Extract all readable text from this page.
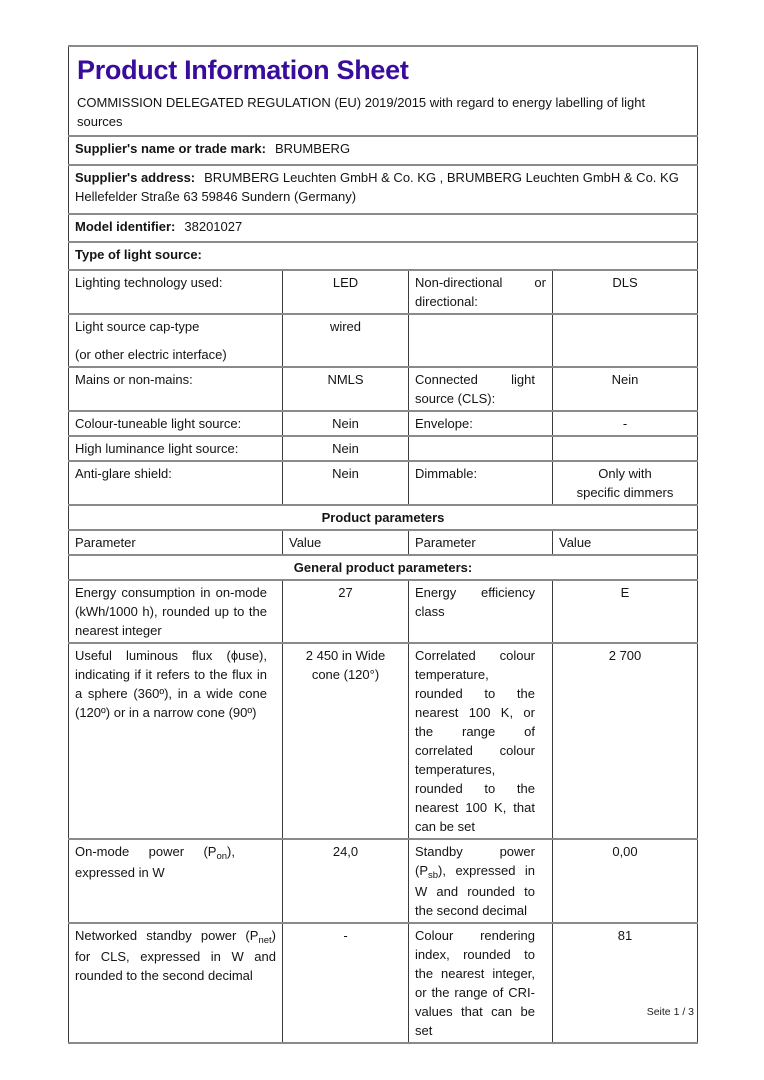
Product Information Sheet

COMMISSION DELEGATED REGULATION (EU) 2019/2015 with regard to energy labelling of light sources

Supplier's name or trade mark: BRUMBERG			
Supplier's address: BRUMBERG Leuchten GmbH & Co. KG , BRUMBERG Leuchten GmbH & Co. KG Hellefelder Straße 63 59846 Sundern (Germany)			
Model identifier: 38201027			
Type of light source:			
Lighting technology used:	LED	Non-directional or directional:	DLS

Light source cap-type
(or other electric interface)	wired		
Mains or non-mains:	NMLS	Connected light source (CLS):	Nein
Colour-tuneable light source:	Nein	Envelope:	-
High luminance light source:	Nein		
Anti-glare shield:	Nein	Dimmable:	Only with specific dimmers

Product parameters			
Parameter	Value	Parameter	Value
General product parameters:			

Energy consumption in on-mode (kWh/1000 h), rounded up to the nearest integer	27	Energy efficiency class	E

Useful luminous flux (ϕuse), indicating if it refers to the flux in a sphere (360º), in a wide cone (120º) or in a narrow cone (90º)	2 450 in Wide cone (120°)	Correlated colour temperature, rounded to the nearest 100 K, or the range of correlated colour temperatures, rounded to the nearest 100 K, that can be set	2 700

On-mode power $(P_{on})$, expressed in W	24,0	Standby power $(P_{sb})$, expressed in W and rounded to the second decimal	0,00

Networked standby power $(P_{net})$ for CLS, expressed in W and rounded to the second decimal	-	Colour rendering index, rounded to the nearest integer, or the range of CRI-values that can be set	81
Seite 1 / 3
